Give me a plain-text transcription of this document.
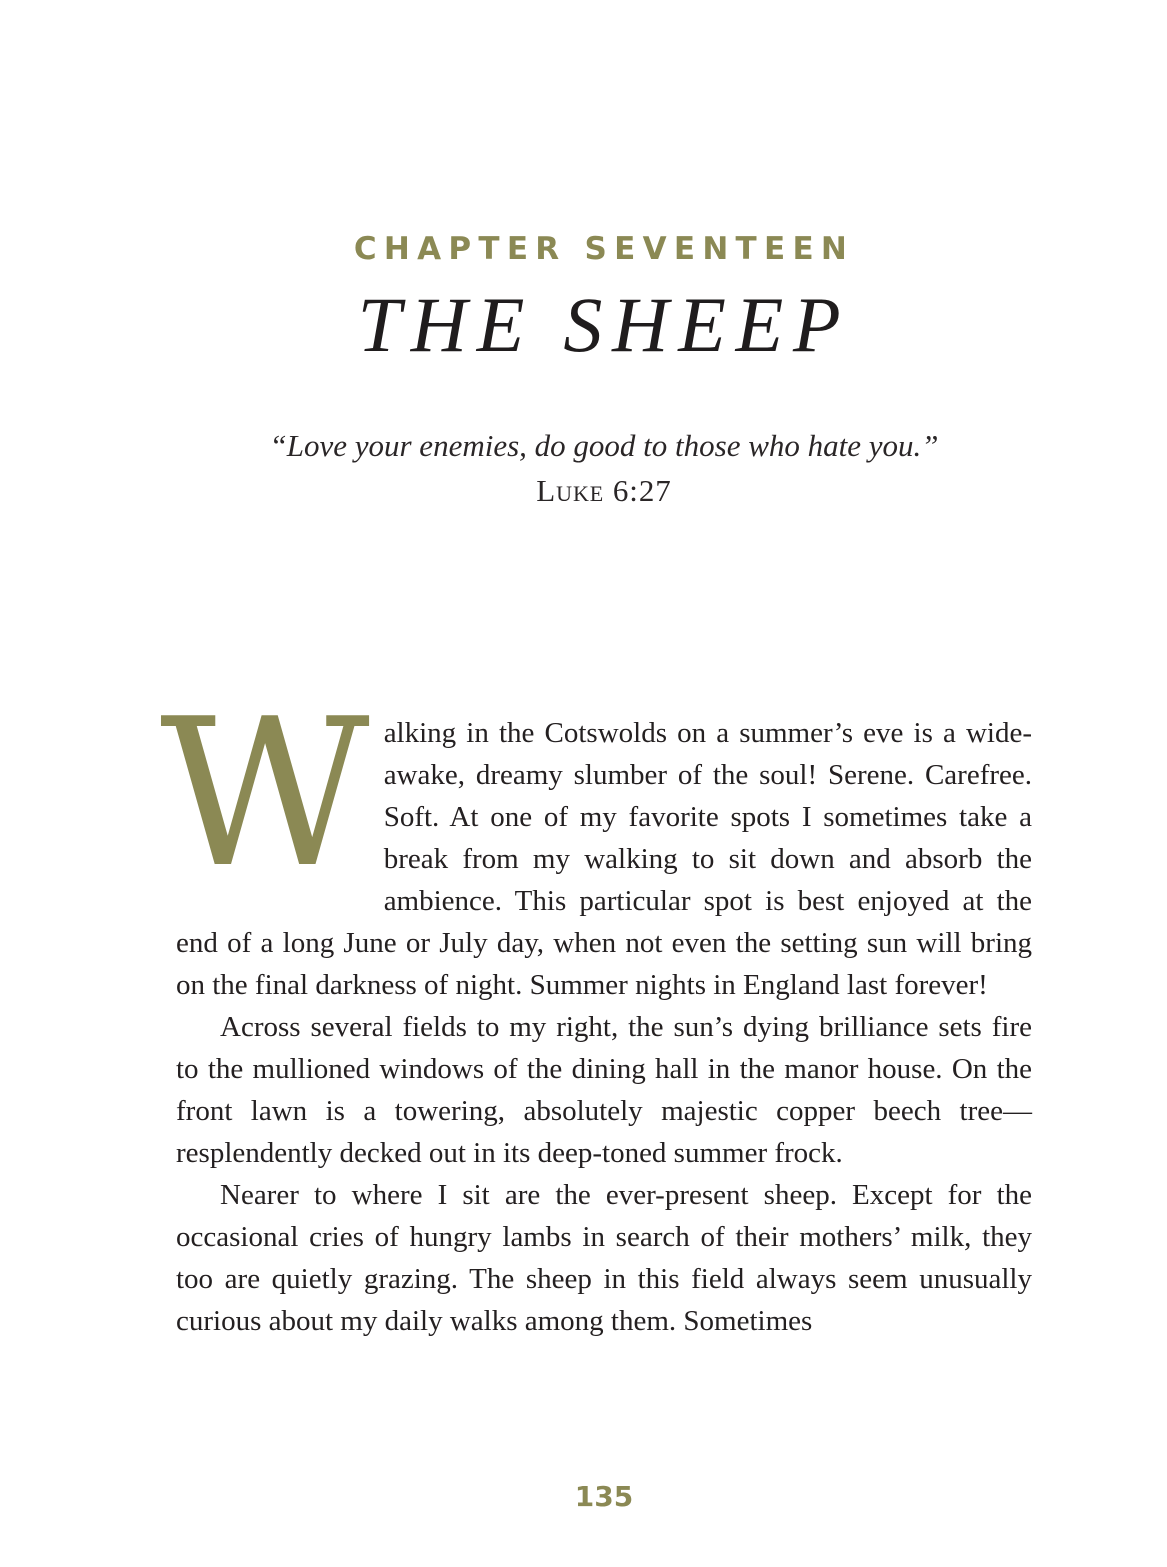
CHAPTER SEVENTEEN
THE SHEEP

“Love your enemies, do good to those who hate you.”

Luke 6:27

Walking in the Cotswolds on a summer’s eve is a wide-awake, dreamy slumber of the soul! Serene. Carefree. Soft. At one of my favorite spots I sometimes take a break from my walking to sit down and absorb the ambience. This particular spot is best enjoyed at the end of a long June or July day, when not even the setting sun will bring on the final darkness of night. Summer nights in England last forever!

Across several fields to my right, the sun’s dying brilliance sets fire to the mullioned windows of the dining hall in the manor house. On the front lawn is a towering, absolutely majestic copper beech tree—resplendently decked out in its deep-toned summer frock.

Nearer to where I sit are the ever-present sheep. Except for the occasional cries of hungry lambs in search of their mothers’ milk, they too are quietly grazing. The sheep in this field always seem unusually curious about my daily walks among them. Sometimes

135
